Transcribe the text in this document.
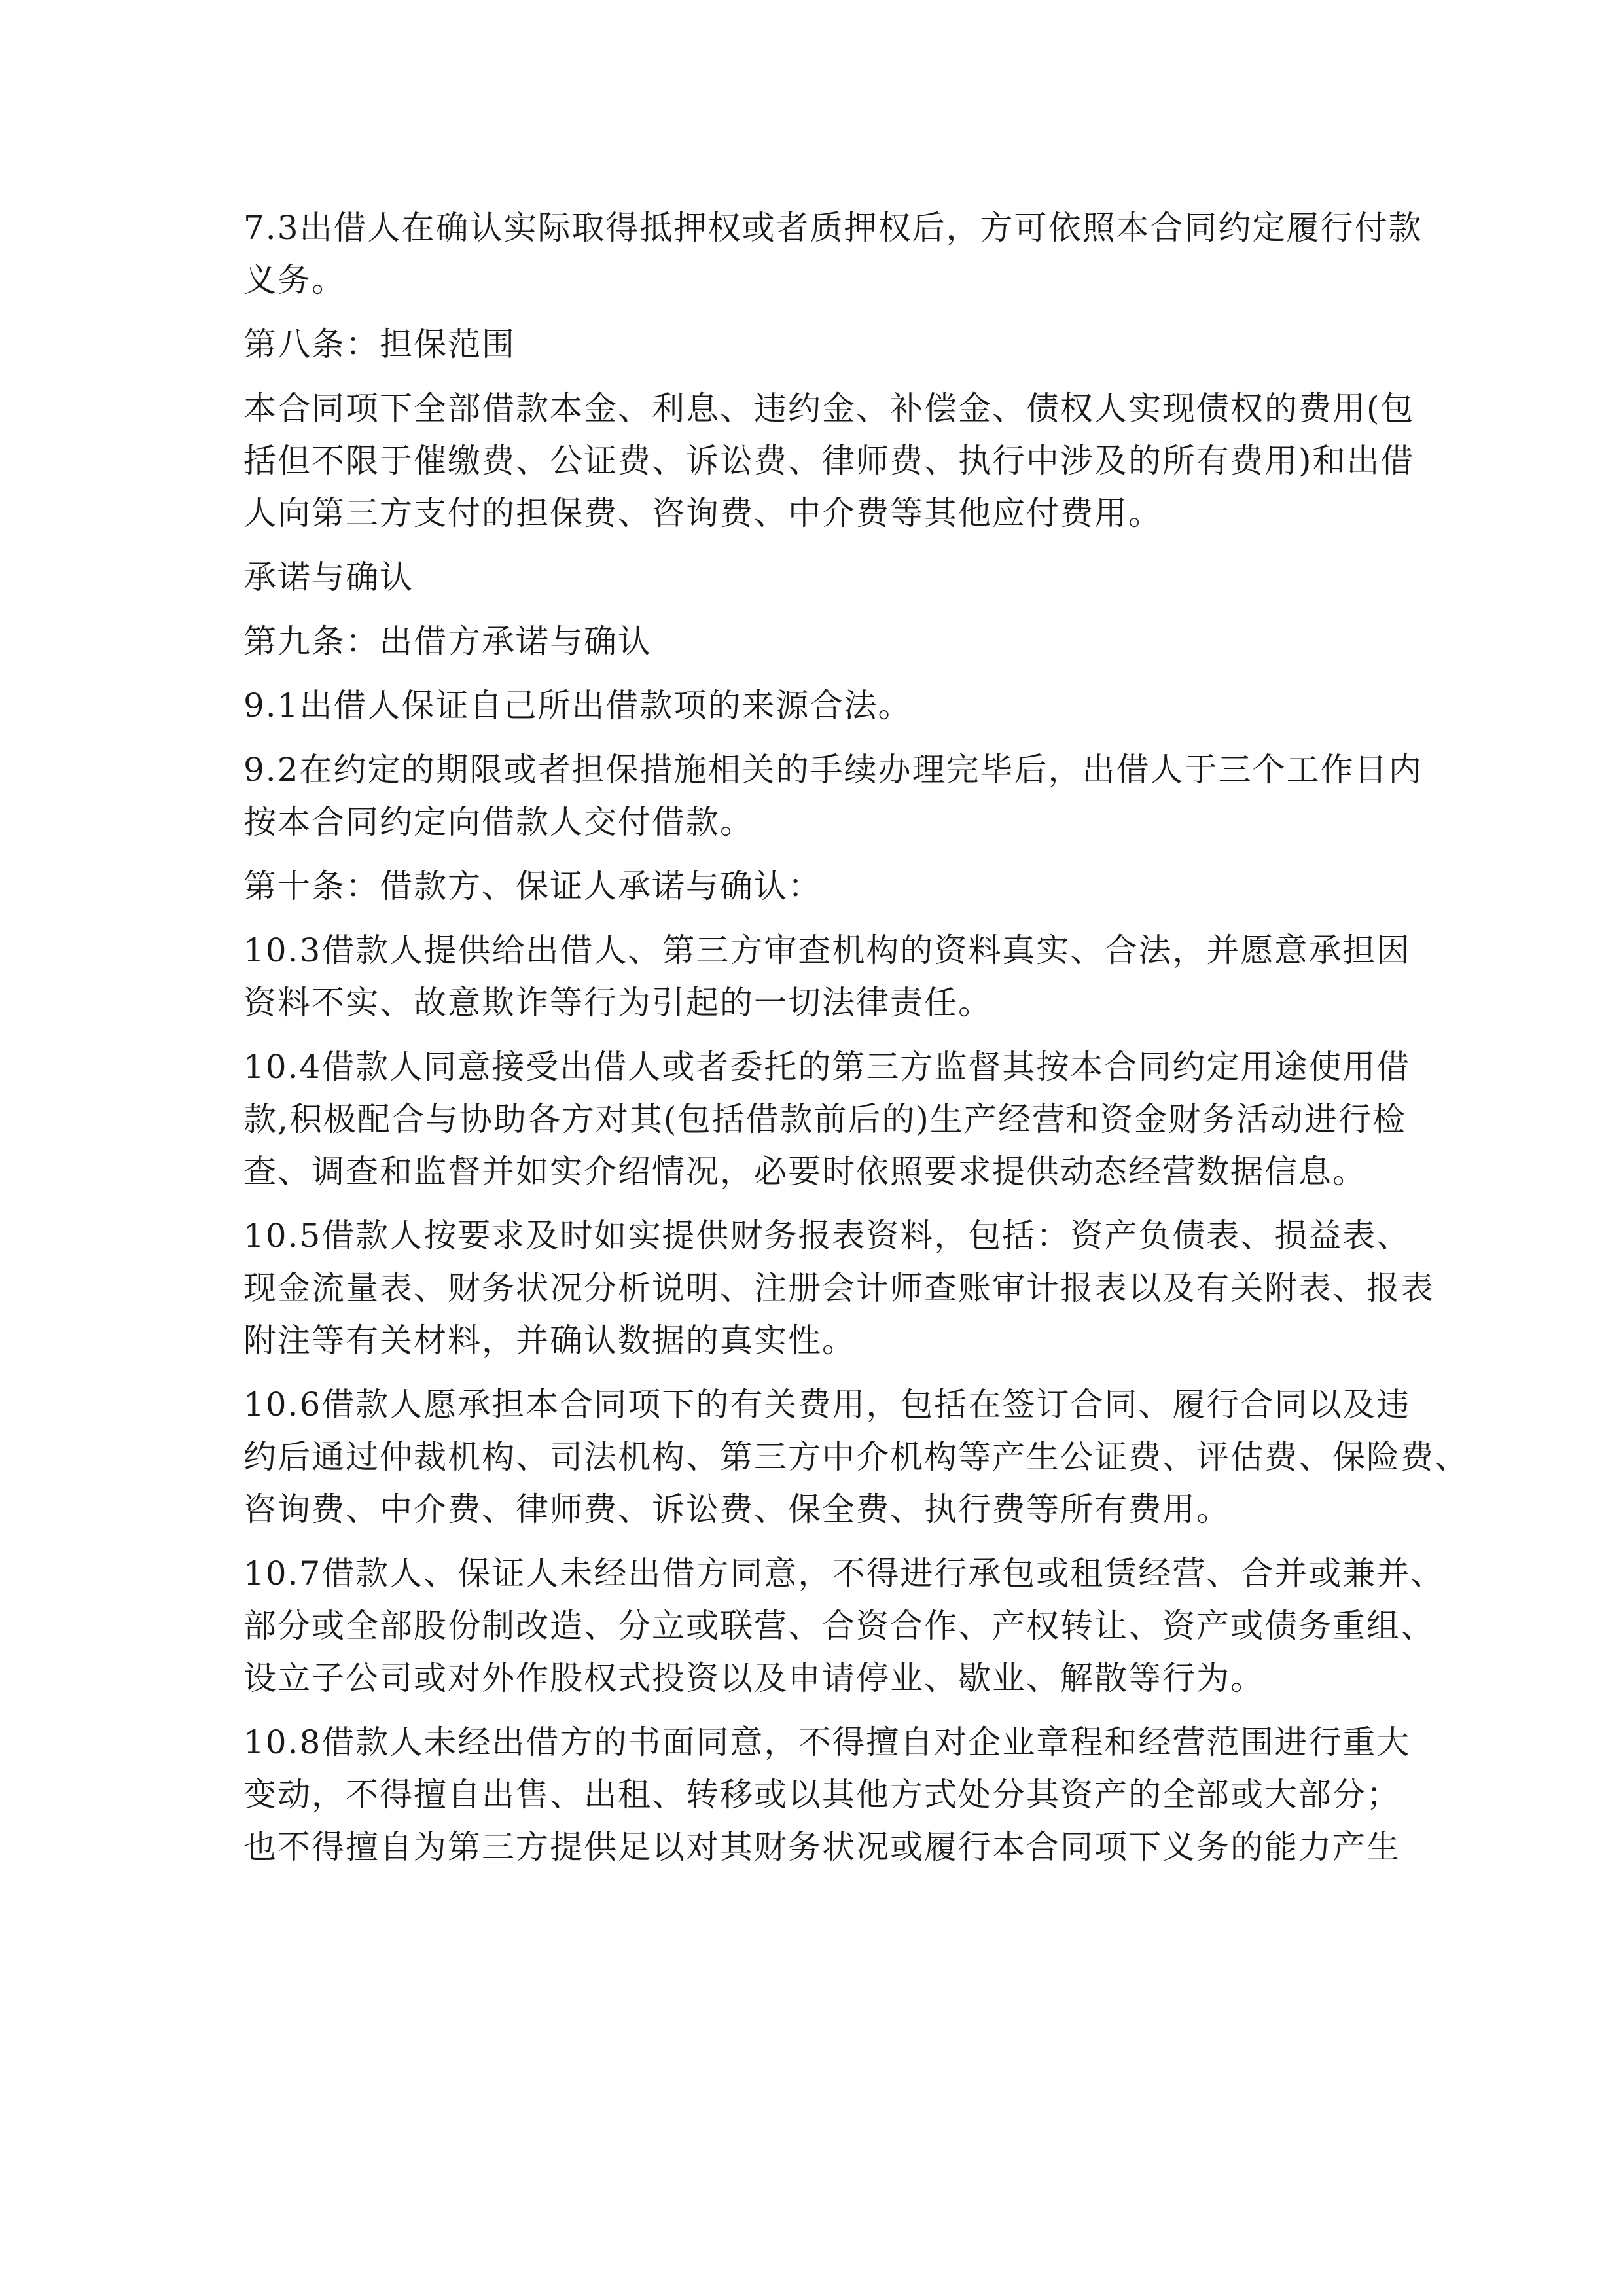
7.3出借人在确认实际取得抵押权或者质押权后，方可依照本合同约定履行付款
义务。
第八条：担保范围
本合同项下全部借款本金、利息、违约金、补偿金、债权人实现债权的费用(包
括但不限于催缴费、公证费、诉讼费、律师费、执行中涉及的所有费用)和出借
人向第三方支付的担保费、咨询费、中介费等其他应付费用。
承诺与确认
第九条：出借方承诺与确认
9.1出借人保证自己所出借款项的来源合法。
9.2在约定的期限或者担保措施相关的手续办理完毕后，出借人于三个工作日内
按本合同约定向借款人交付借款。
第十条：借款方、保证人承诺与确认：
10.3借款人提供给出借人、第三方审查机构的资料真实、合法，并愿意承担因
资料不实、故意欺诈等行为引起的一切法律责任。
10.4借款人同意接受出借人或者委托的第三方监督其按本合同约定用途使用借
款,积极配合与协助各方对其(包括借款前后的)生产经营和资金财务活动进行检
查、调查和监督并如实介绍情况，必要时依照要求提供动态经营数据信息。
10.5借款人按要求及时如实提供财务报表资料，包括：资产负债表、损益表、
现金流量表、财务状况分析说明、注册会计师查账审计报表以及有关附表、报表
附注等有关材料，并确认数据的真实性。
10.6借款人愿承担本合同项下的有关费用，包括在签订合同、履行合同以及违
约后通过仲裁机构、司法机构、第三方中介机构等产生公证费、评估费、保险费、
咨询费、中介费、律师费、诉讼费、保全费、执行费等所有费用。
10.7借款人、保证人未经出借方同意，不得进行承包或租赁经营、合并或兼并、
部分或全部股份制改造、分立或联营、合资合作、产权转让、资产或债务重组、
设立子公司或对外作股权式投资以及申请停业、歇业、解散等行为。
10.8借款人未经出借方的书面同意，不得擅自对企业章程和经营范围进行重大
变动，不得擅自出售、出租、转移或以其他方式处分其资产的全部或大部分；
也不得擅自为第三方提供足以对其财务状况或履行本合同项下义务的能力产生
